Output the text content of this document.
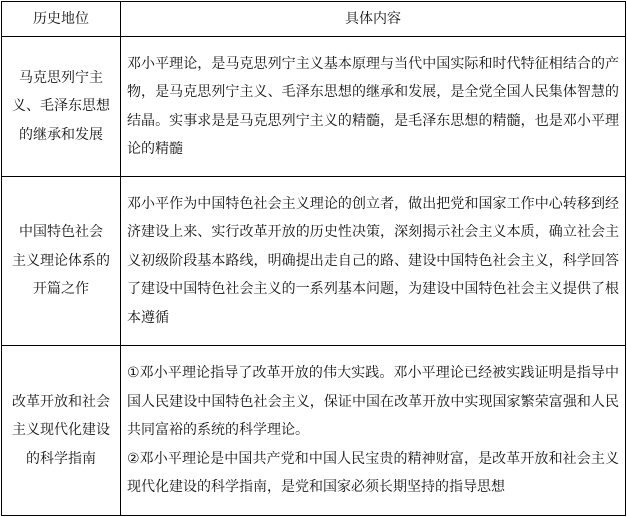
历史地位	具体内容

马克思列宁主
义、毛泽东思想
的继承和发展	邓小平理论，是马克思列宁主义基本原理与当代中国实际和时代特征相结合的产物，是马克思列宁主义、毛泽东思想的继承和发展，是全党全国人民集体智慧的结晶。实事求是是马克思列宁主义的精髓，是毛泽东思想的精髓，也是邓小平理论的精髓

中国特色社会
主义理论体系的
开篇之作	邓小平作为中国特色社会主义理论的创立者，做出把党和国家工作中心转移到经济建设上来、实行改革开放的历史性决策，深刻揭示社会主义本质，确立社会主义初级阶段基本路线，明确提出走自己的路、建设中国特色社会主义，科学回答了建设中国特色社会主义的一系列基本问题，为建设中国特色社会主义提供了根本遵循

改革开放和社会
主义现代化建设
的科学指南	①邓小平理论指导了改革开放的伟大实践。邓小平理论已经被实践证明是指导中国人民建设中国特色社会主义，保证中国在改革开放中实现国家繁荣富强和人民共同富裕的系统的科学理论。
②邓小平理论是中国共产党和中国人民宝贵的精神财富，是改革开放和社会主义现代化建设的科学指南，是党和国家必须长期坚持的指导思想
